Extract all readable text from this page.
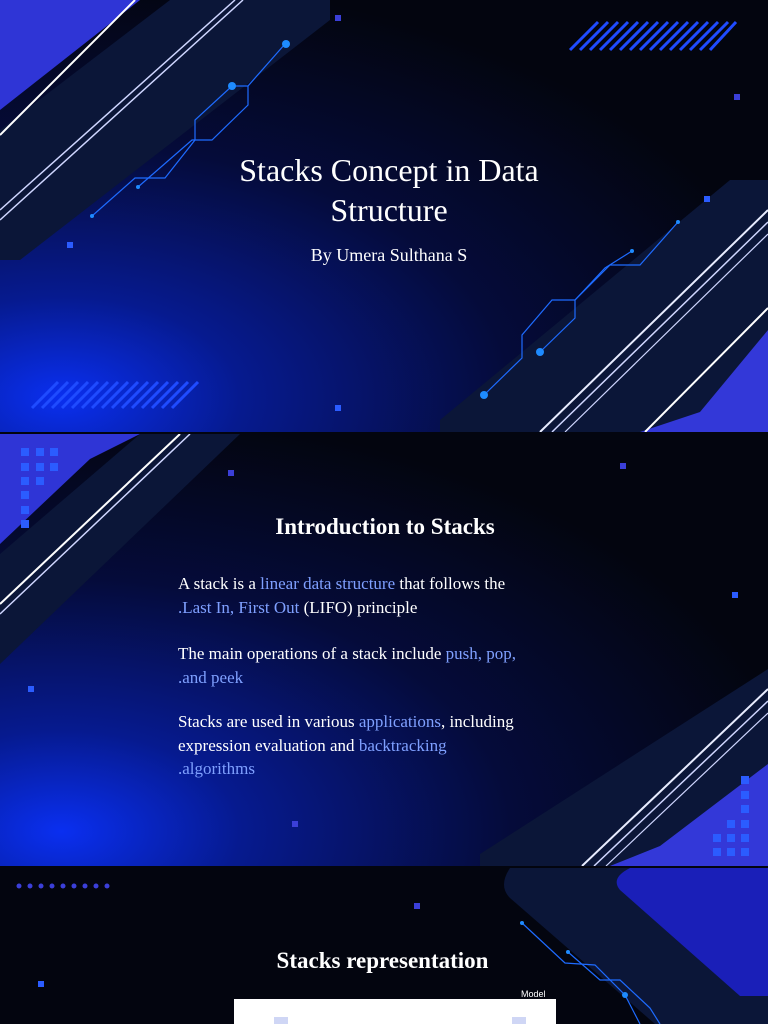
Stacks Concept in Data Structure
By Umera Sulthana S
Introduction to Stacks
A stack is a linear data structure that follows the
.Last In, First Out (LIFO) principle
The main operations of a stack include push, pop,
.and peek
Stacks are used in various applications, including expression evaluation and backtracking
.algorithms
Stacks representation
Model
